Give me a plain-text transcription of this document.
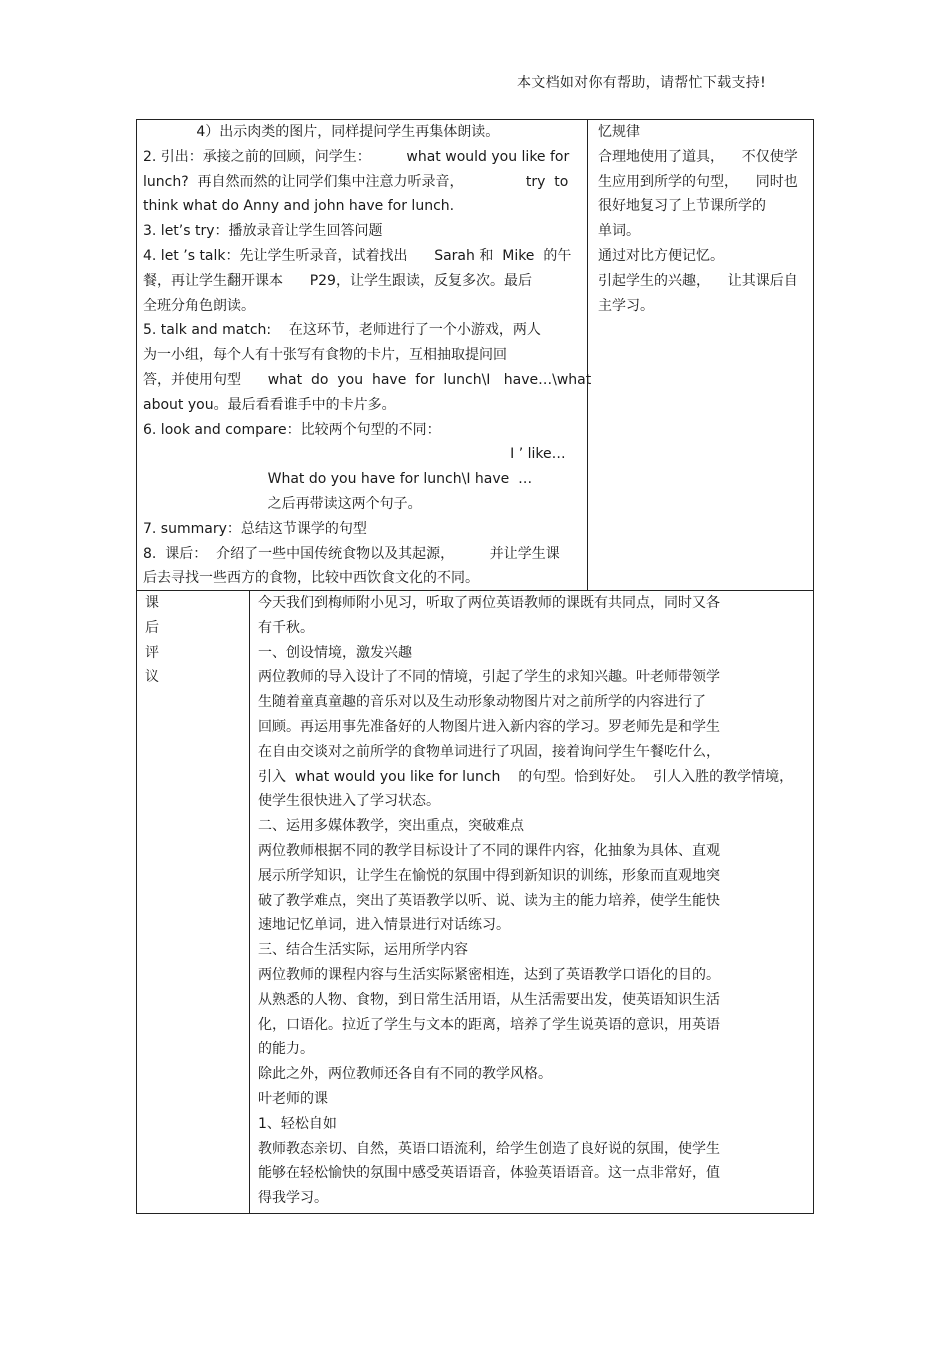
本文档如对你有帮助，请帮忙下载支持!
4）出示肉类的图片，同样提问学生再集体朗读。
2. 引出：承接之前的回顾，问学生：        what would you like for
lunch?  再自然而然的让同学们集中注意力听录音，              try  to
think what do Anny and john have for lunch.
3. let’s try：播放录音让学生回答问题
4. let ’s talk：先让学生听录音，试着找出      Sarah 和  Mike  的午
餐，再让学生翻开课本      P29，让学生跟读，反复多次。最后
全班分角色朗读。
5. talk and match:    在这环节，老师进行了一个小游戏，两人
为一小组，每个人有十张写有食物的卡片，互相抽取提问回
答，并使用句型      what  do  you  have  for  lunch\I   have…\what
about you。最后看看谁手中的卡片多。
6. look and compare：比较两个句型的不同：
I ’ like…
What do you have for lunch\I have  …
之后再带读这两个句子。
7. summary：总结这节课学的句型
8.  课后：  介绍了一些中国传统食物以及其起源，        并让学生课
后去寻找一些西方的食物，比较中西饮食文化的不同。
忆规律
合理地使用了道具，    不仅使学
生应用到所学的句型，    同时也
很好地复习了上节课所学的
单词。
通过对比方便记忆。
引起学生的兴趣，    让其课后自
主学习。
课
后
评
议
今天我们到梅师附小见习，听取了两位英语教师的课既有共同点，同时又各
有千秋。
一、创设情境，激发兴趣
两位教师的导入设计了不同的情境，引起了学生的求知兴趣。叶老师带领学
生随着童真童趣的音乐对以及生动形象动物图片对之前所学的内容进行了
回顾。再运用事先准备好的人物图片进入新内容的学习。罗老师先是和学生
在自由交谈对之前所学的食物单词进行了巩固，接着询问学生午餐吃什么，
引入  what would you like for lunch    的句型。恰到好处。  引人入胜的教学情境，
使学生很快进入了学习状态。
二、运用多媒体教学，突出重点，突破难点
两位教师根据不同的教学目标设计了不同的课件内容，化抽象为具体、直观
展示所学知识，让学生在愉悦的氛围中得到新知识的训练，形象而直观地突
破了教学难点，突出了英语教学以听、说、读为主的能力培养，使学生能快
速地记忆单词，进入情景进行对话练习。
三、结合生活实际，运用所学内容
两位教师的课程内容与生活实际紧密相连，达到了英语教学口语化的目的。
从熟悉的人物、食物，到日常生活用语，从生活需要出发，使英语知识生活
化，口语化。拉近了学生与文本的距离，培养了学生说英语的意识，用英语
的能力。
除此之外，两位教师还各自有不同的教学风格。
叶老师的课
1、轻松自如
教师教态亲切、自然，英语口语流利，给学生创造了良好说的氛围，使学生
能够在轻松愉快的氛围中感受英语语音，体验英语语音。这一点非常好，值
得我学习。
